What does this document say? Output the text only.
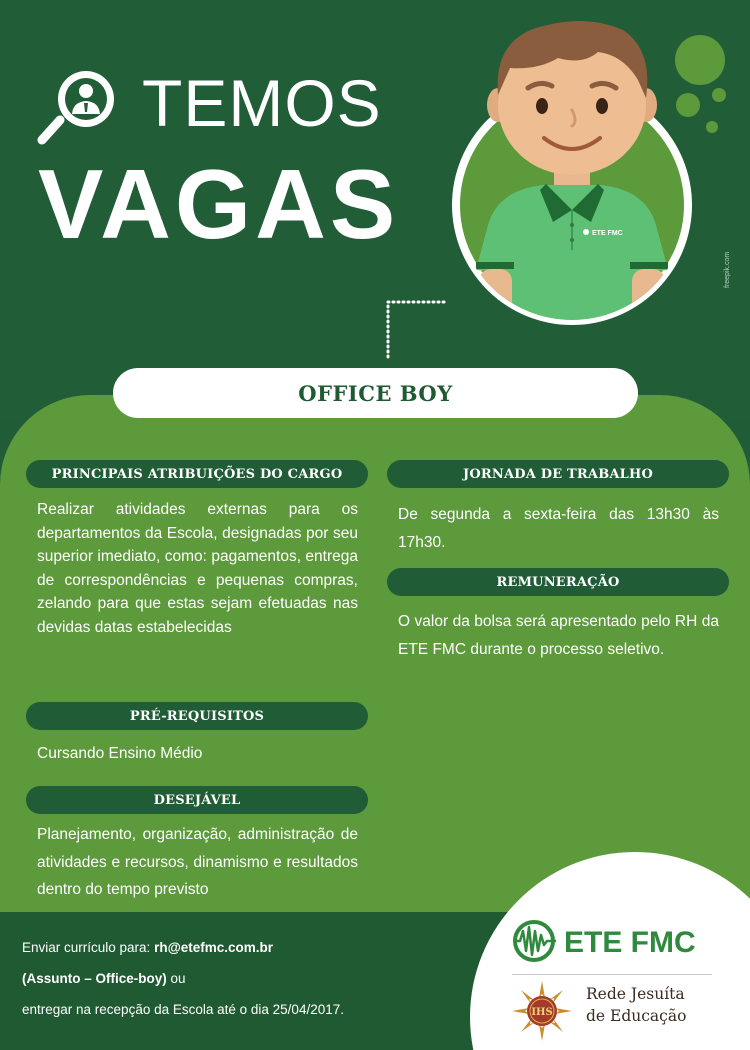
TEMOS
VAGAS	ETE FMC
freepik.com
OFFICE BOY
PRINCIPAIS ATRIBUIÇÕES DO CARGO
Realizar atividades externas para os departamentos da Escola, designadas por seu superior imediato, como: pagamentos, entrega de correspondências e pequenas compras, zelando para que estas sejam efetuadas nas devidas datas estabelecidas
PRÉ-REQUISITOS
Cursando Ensino Médio
DESEJÁVEL
Planejamento, organização, administração de atividades e recursos, dinamismo e resultados dentro do tempo previsto
JORNADA DE TRABALHO
De segunda a sexta-feira das 13h30 às 17h30.
REMUNERAÇÃO
O valor da bolsa será apresentado pelo RH da ETE FMC durante o processo seletivo.
Enviar currículo para: rh@etefmc.com.br
(Assunto – Office-boy) ou
entregar na recepção da Escola até o dia 25/04/2017.
ETE FMC
IHS
Rede Jesuíta
de Educação
